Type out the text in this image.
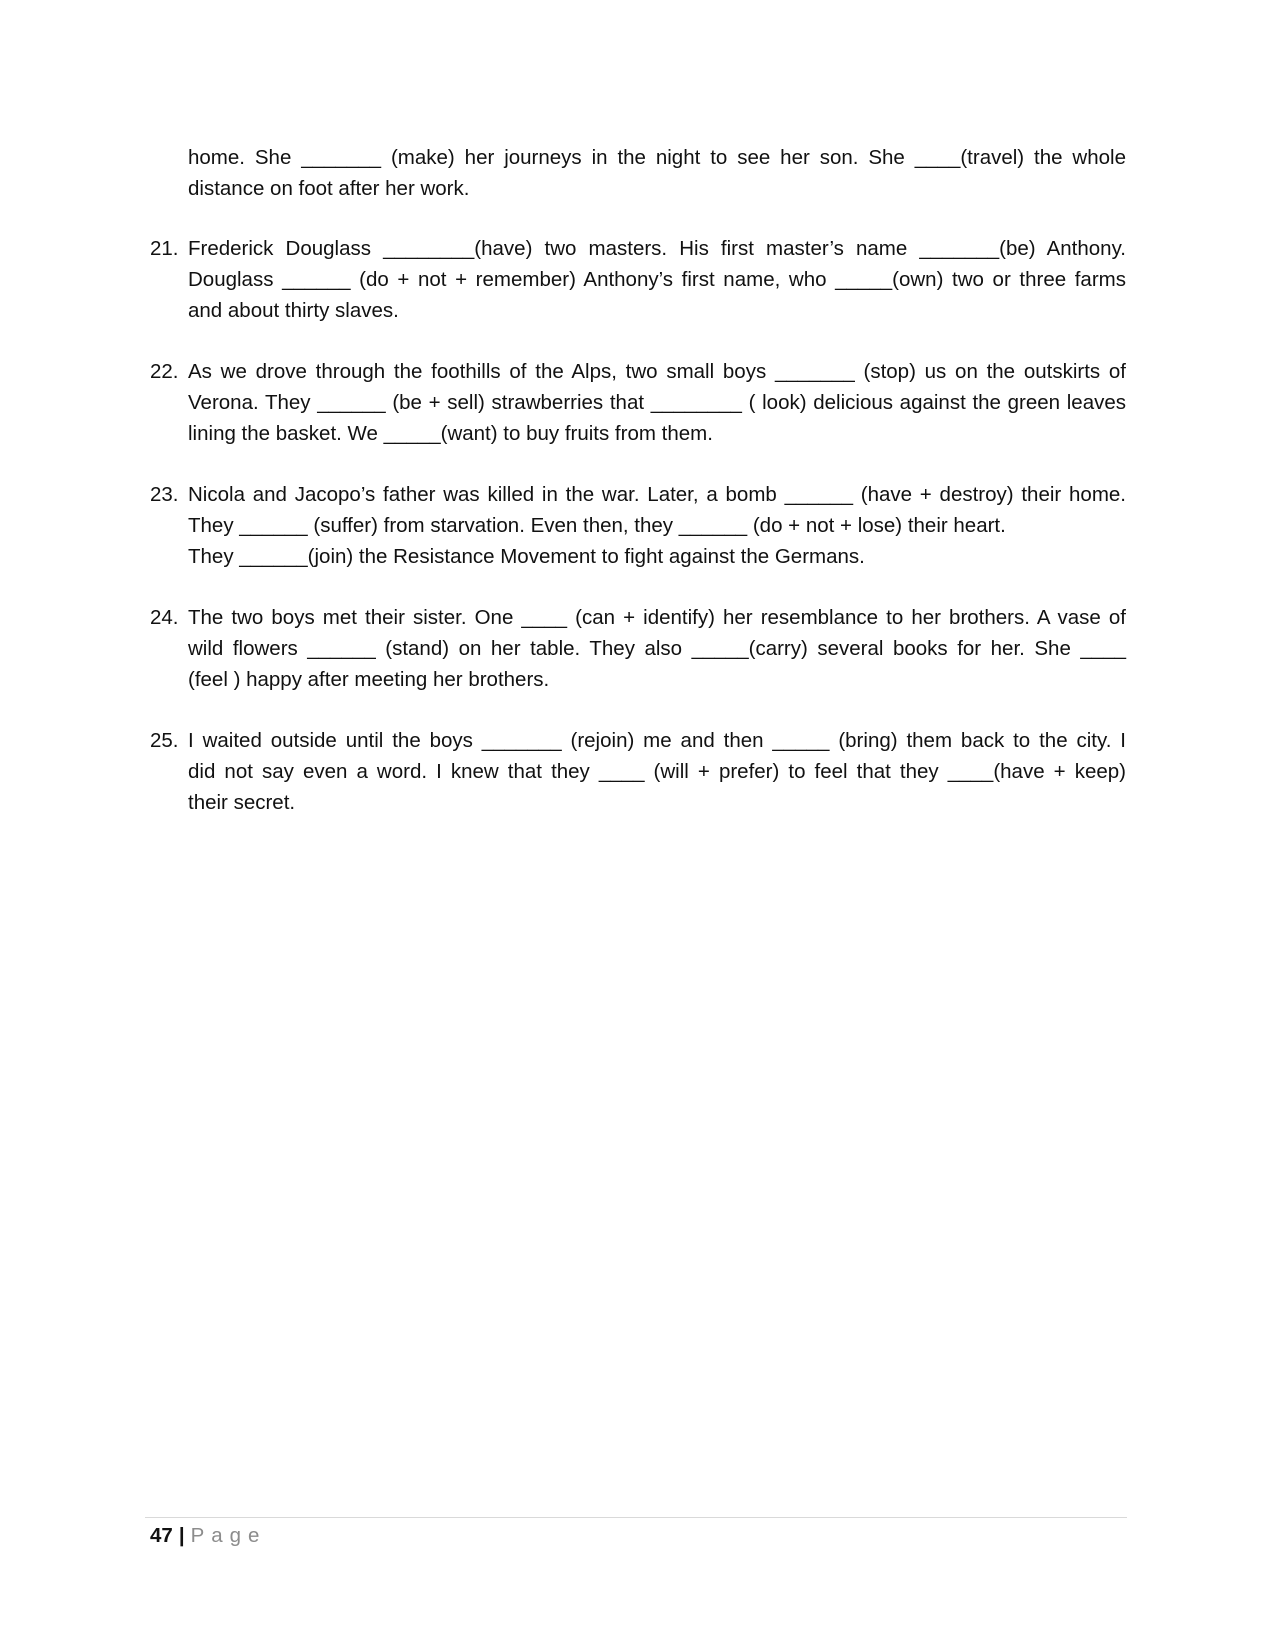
home. She _______ (make) her journeys in the night to see her son. She ____(travel) the whole
distance on foot after her work.
21. Frederick Douglass ________(have) two masters. His first master’s name _______(be) Anthony.
Douglass ______ (do + not + remember) Anthony’s first name, who _____(own) two or three farms
and about thirty slaves.
22. As we drove through the foothills of the Alps, two small boys _______ (stop) us on the outskirts of
Verona. They ______ (be + sell) strawberries that ________ ( look) delicious against the green leaves
lining the basket. We _____(want) to buy fruits from them.
23. Nicola and Jacopo’s father was killed in the war. Later, a bomb ______ (have + destroy) their home.
They ______ (suffer) from starvation. Even then, they ______ (do + not + lose) their heart.
They ______(join) the Resistance Movement to fight against the Germans.
24. The two boys met their sister. One ____ (can + identify) her resemblance to her brothers. A vase of
wild flowers ______ (stand) on her table. They also _____(carry) several books for her. She ____
(feel ) happy after meeting her brothers.
25. I waited outside until the boys _______ (rejoin) me and then _____ (bring) them back to the city. I
did not say even a word. I knew that they ____ (will + prefer) to feel that they ____(have + keep)
their secret.
47 | Page
